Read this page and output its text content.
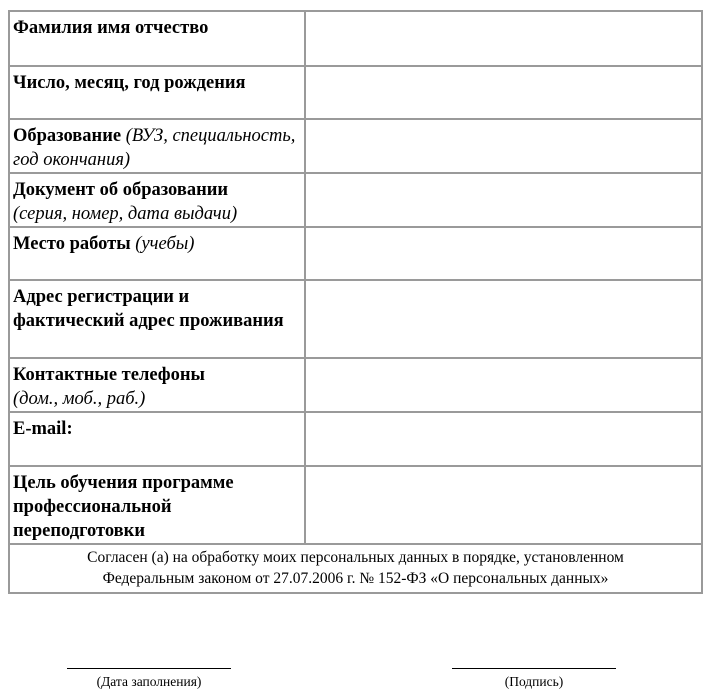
Фамилия имя отчество	
Число, месяц, год рождения	
Образование (ВУЗ, специальность, год окончания)	
Документ об образовании
(серия, номер, дата выдачи)	
Место работы (учебы)	
Адрес регистрации и фактический адрес проживания	
Контактные телефоны
(дом., моб., раб.)	
E-mail:	
Цель обучения программе профессиональной переподготовки	

Согласен (а) на обработку моих персональных данных в порядке, установленном
Федеральным законом от 27.07.2006 г. № 152-ФЗ «О персональных данных»	
(Дата заполнения)	(Подпись)
